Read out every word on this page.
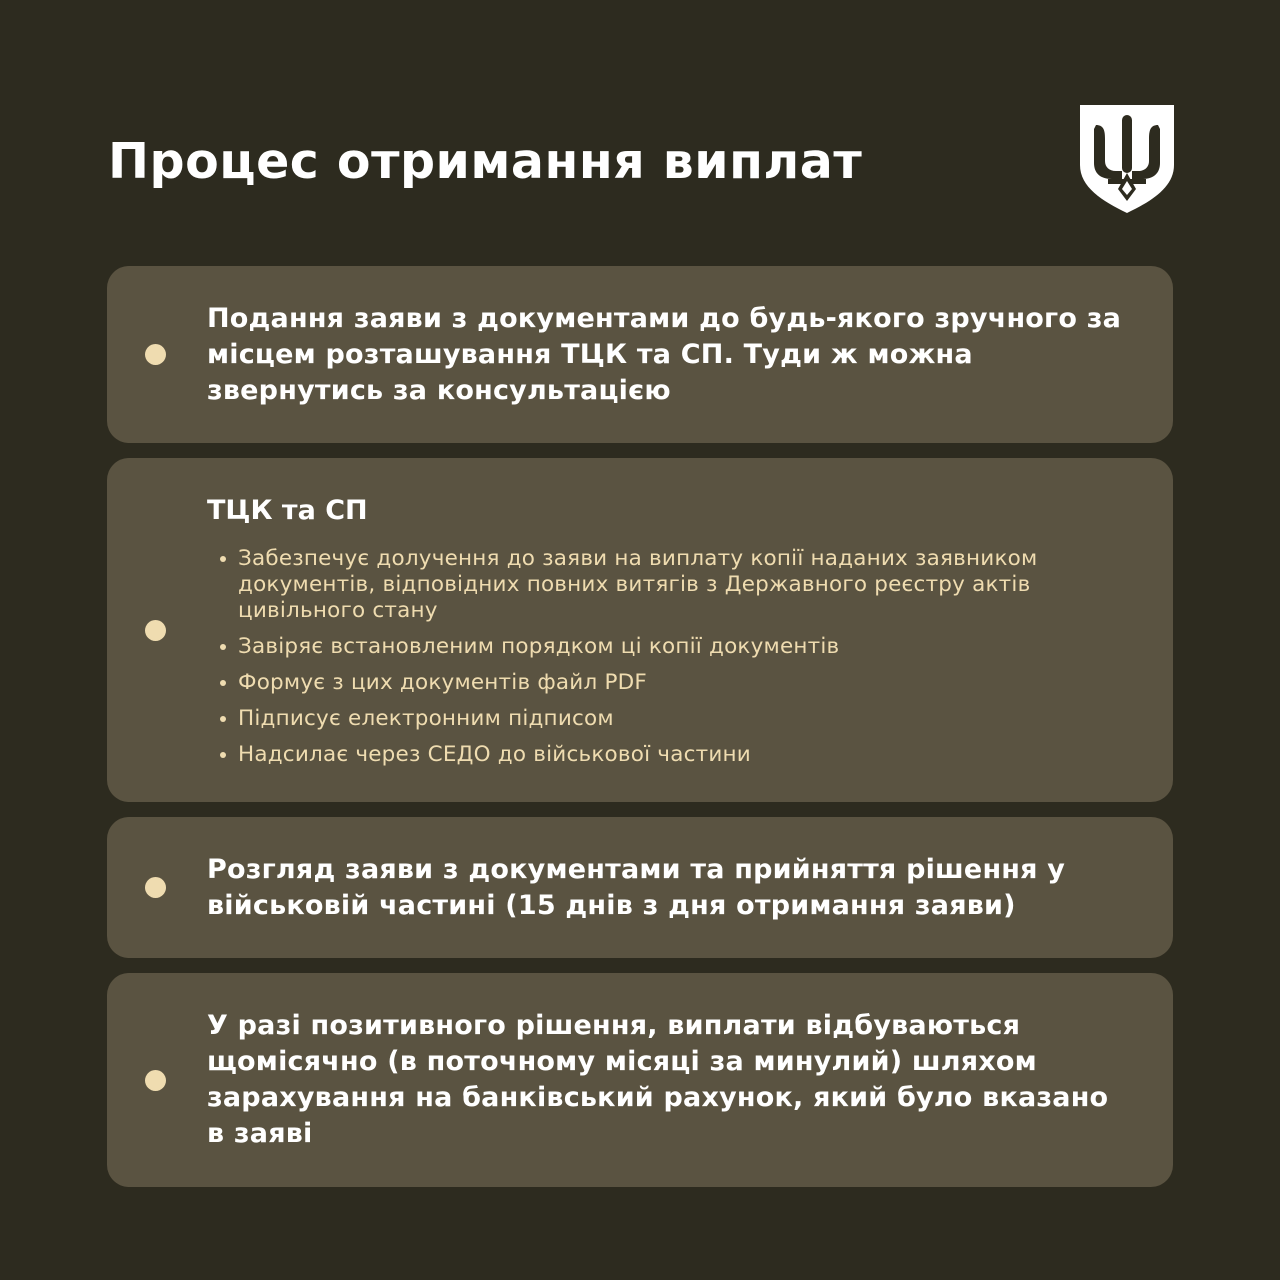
Процес отримання виплат

Подання заяви з документами до будь-якого зручного за місцем розташування ТЦК та СП. Туди ж можна звернутись за консультацією

ТЦК та СП

Забезпечує долучення до заяви на виплату копії наданих заявником документів, відповідних повних витягів з Державного реєстру актів цивільного стану
Завіряє встановленим порядком ці копії документів
Формує з цих документів файл PDF
Підписує електронним підписом
Надсилає через СЕДО до військової частини

Розгляд заяви з документами та прийняття рішення у військовій частині (15 днів з дня отримання заяви)

У разі позитивного рішення, виплати відбуваються щомісячно (в поточному місяці за минулий) шляхом зарахування на банківський рахунок, який було вказано в заяві
